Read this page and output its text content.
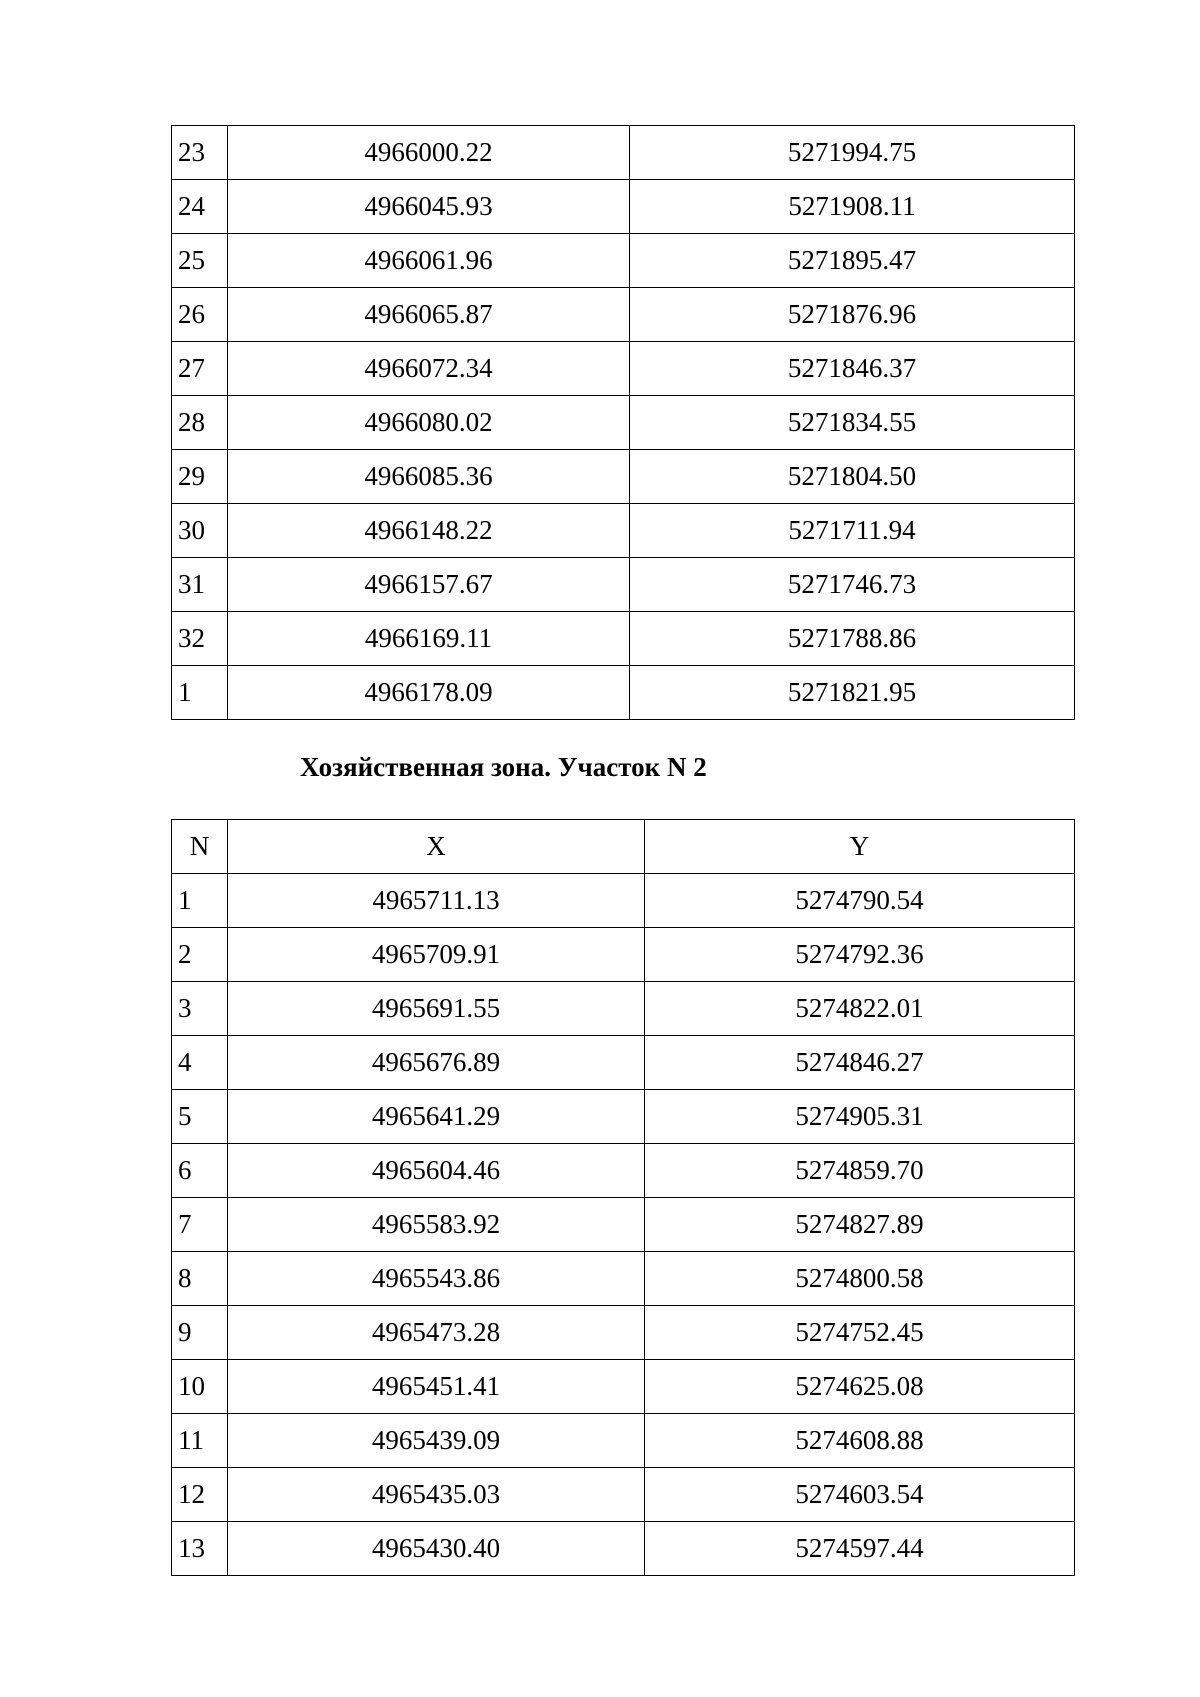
23	4966000.22	5271994.75
24	4966045.93	5271908.11
25	4966061.96	5271895.47
26	4966065.87	5271876.96
27	4966072.34	5271846.37
28	4966080.02	5271834.55
29	4966085.36	5271804.50
30	4966148.22	5271711.94
31	4966157.67	5271746.73
32	4966169.11	5271788.86
1	4966178.09	5271821.95
Хозяйственная зона. Участок N 2
N	X	Y
1	4965711.13	5274790.54
2	4965709.91	5274792.36
3	4965691.55	5274822.01
4	4965676.89	5274846.27
5	4965641.29	5274905.31
6	4965604.46	5274859.70
7	4965583.92	5274827.89
8	4965543.86	5274800.58
9	4965473.28	5274752.45
10	4965451.41	5274625.08
11	4965439.09	5274608.88
12	4965435.03	5274603.54
13	4965430.40	5274597.44
